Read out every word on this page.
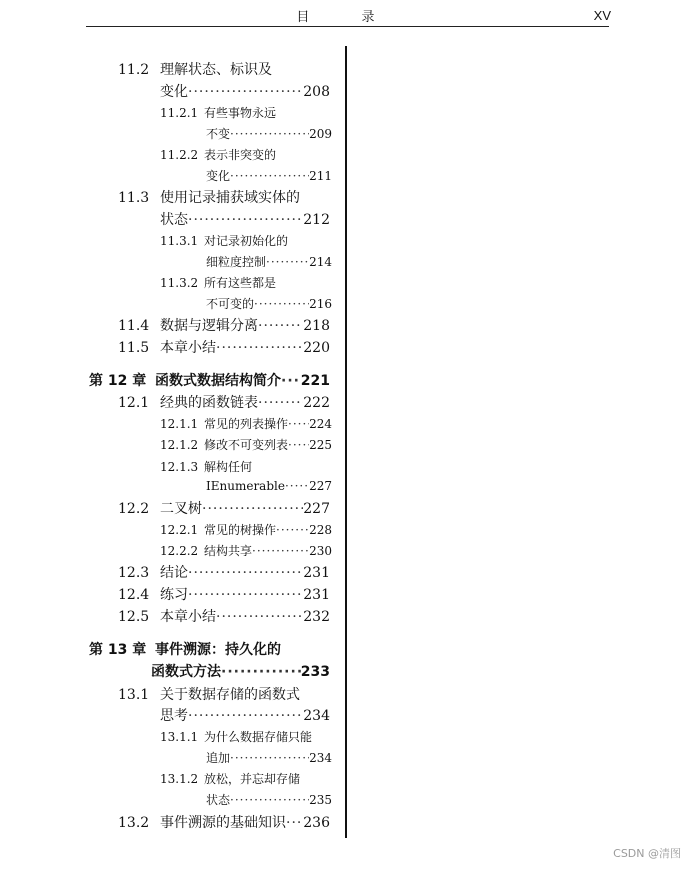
目 录	XV
11.2 理解状态、标识及
变化 ·····	208
11.2.1 有些事物永远
不变 ·····	209
11.2.2 表示非突变的
变化 ·····	211
11.3 使用记录捕获域实体的
状态 ·····	212
11.3.1 对记录初始化的
细粒度控制 ·····	214
11.3.2 所有这些都是
不可变的 ·····	216
11.4 数据与逻辑分离 ·····	218
11.5 本章小结 ·····	220
第 12 章 函数式数据结构简介 ····· 221
12.1 经典的函数链表 ·····	222
12.1.1 常见的列表操作 ····· 224
12.1.2 修改不可变列表 ····· 225
12.1.3 解构任何
IEnumerable ····· 227
12.2 二叉树 ·····	227
12.2.1 常见的树操作 ·····	228
12.2.2 结构共享 ·····	230
12.3 结论 ·····	231
12.4 练习 ·····	231
12.5 本章小结 ·····	232
第 13 章 事件溯源：持久化的
函数式方法 ·····	233
13.1 关于数据存储的函数式
思考 ·····	234
13.1.1 为什么数据存储只能
追加 ·····	234
13.1.2 放松，并忘却存储
状态 ·····	235
13.2 事件溯源的基础知识 ····· 236
CSDN @清图
